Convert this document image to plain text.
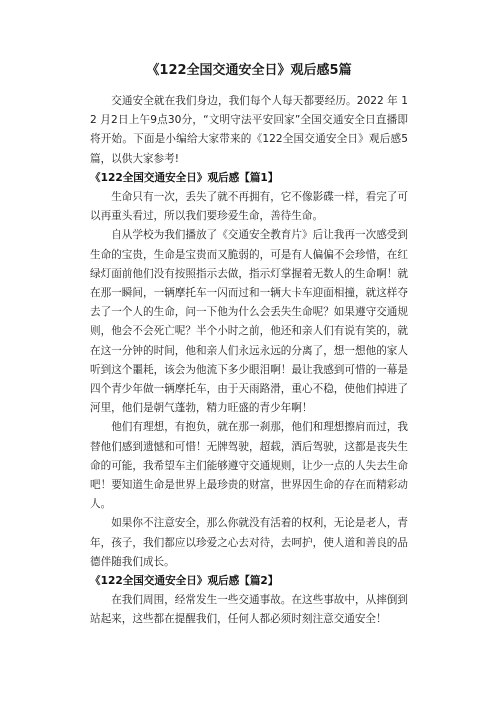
《122全国交通安全日》观后感5篇

交通安全就在我们身边，我们每个人每天都要经历。2022 年 12 月2日上午9点30分，“文明守法平安回家”全国交通安全日直播即将开始。下面是小编给大家带来的《122全国交通安全日》观后感5篇，以供大家参考!

《122全国交通安全日》观后感【篇1】

生命只有一次，丢失了就不再拥有，它不像影碟一样，看完了可以再重头看过，所以我们要珍爱生命，善待生命。

自从学校为我们播放了《交通安全教育片》后让我再一次感受到生命的宝贵，生命是宝贵而又脆弱的，可是有人偏偏不会珍惜，在红绿灯面前他们没有按照指示去做，指示灯掌握着无数人的生命啊！就在那一瞬间，一辆摩托车一闪而过和一辆大卡车迎面相撞，就这样夺去了一个人的生命，问一下他为什么会丢失生命呢？如果遵守交通规则，他会不会死亡呢？半个小时之前，他还和亲人们有说有笑的，就在这一分钟的时间，他和亲人们永远永远的分离了，想一想他的家人听到这个噩耗，该会为他流下多少眼泪啊！最让我感到可惜的一幕是四个青少年做一辆摩托车，由于天雨路滑，重心不稳，使他们掉进了河里，他们是朝气蓬勃，精力旺盛的青少年啊！

他们有理想，有抱负，就在那一刹那，他们和理想擦肩而过，我替他们感到遗憾和可惜！无牌驾驶，超载，酒后驾驶，这都是丧失生命的可能，我希望车主们能够遵守交通规则，让少一点的人失去生命吧！要知道生命是世界上最珍贵的财富，世界因生命的存在而精彩动人。

如果你不注意安全，那么你就没有活着的权利，无论是老人，青年，孩子，我们都应以珍爱之心去对待，去呵护，使人道和善良的品德伴随我们成长。

《122全国交通安全日》观后感【篇2】

在我们周围，经常发生一些交通事故。在这些事故中，从摔倒到站起来，这些都在提醒我们，任何人都必须时刻注意交通安全！
